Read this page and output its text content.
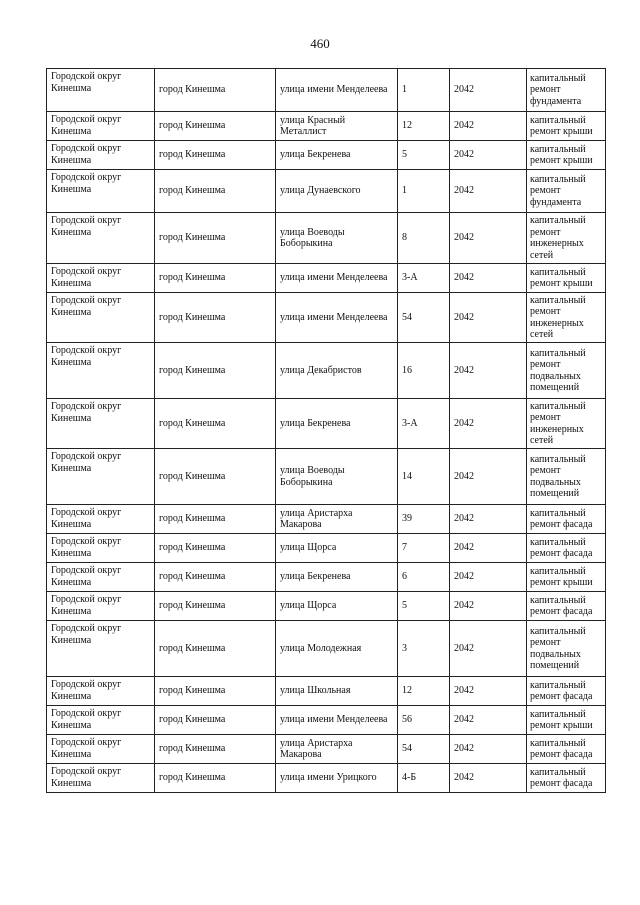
460
Городской округ Кинешма	город Кинешма	улица имени Менделеева	1	2042	капитальный ремонт фундамента
Городской округ Кинешма	город Кинешма	улица Красный Металлист	12	2042	капитальный ремонт крыши
Городской округ Кинешма	город Кинешма	улица Бекренева	5	2042	капитальный ремонт крыши
Городской округ Кинешма	город Кинешма	улица Дунаевского	1	2042	капитальный ремонт фундамента
Городской округ Кинешма	город Кинешма	улица Воеводы Боборыкина	8	2042	капитальный ремонт инженерных сетей
Городской округ Кинешма	город Кинешма	улица имени Менделеева	3-А	2042	капитальный ремонт крыши
Городской округ Кинешма	город Кинешма	улица имени Менделеева	54	2042	капитальный ремонт инженерных сетей
Городской округ Кинешма	город Кинешма	улица Декабристов	16	2042	капитальный ремонт подвальных помещений
Городской округ Кинешма	город Кинешма	улица Бекренева	3-А	2042	капитальный ремонт инженерных сетей
Городской округ Кинешма	город Кинешма	улица Воеводы Боборыкина	14	2042	капитальный ремонт подвальных помещений
Городской округ Кинешма	город Кинешма	улица Аристарха Макарова	39	2042	капитальный ремонт фасада
Городской округ Кинешма	город Кинешма	улица Щорса	7	2042	капитальный ремонт фасада
Городской округ Кинешма	город Кинешма	улица Бекренева	6	2042	капитальный ремонт крыши
Городской округ Кинешма	город Кинешма	улица Щорса	5	2042	капитальный ремонт фасада
Городской округ Кинешма	город Кинешма	улица Молодежная	3	2042	капитальный ремонт подвальных помещений
Городской округ Кинешма	город Кинешма	улица Школьная	12	2042	капитальный ремонт фасада
Городской округ Кинешма	город Кинешма	улица имени Менделеева	56	2042	капитальный ремонт крыши
Городской округ Кинешма	город Кинешма	улица Аристарха Макарова	54	2042	капитальный ремонт фасада
Городской округ Кинешма	город Кинешма	улица имени Урицкого	4-Б	2042	капитальный ремонт фасада
